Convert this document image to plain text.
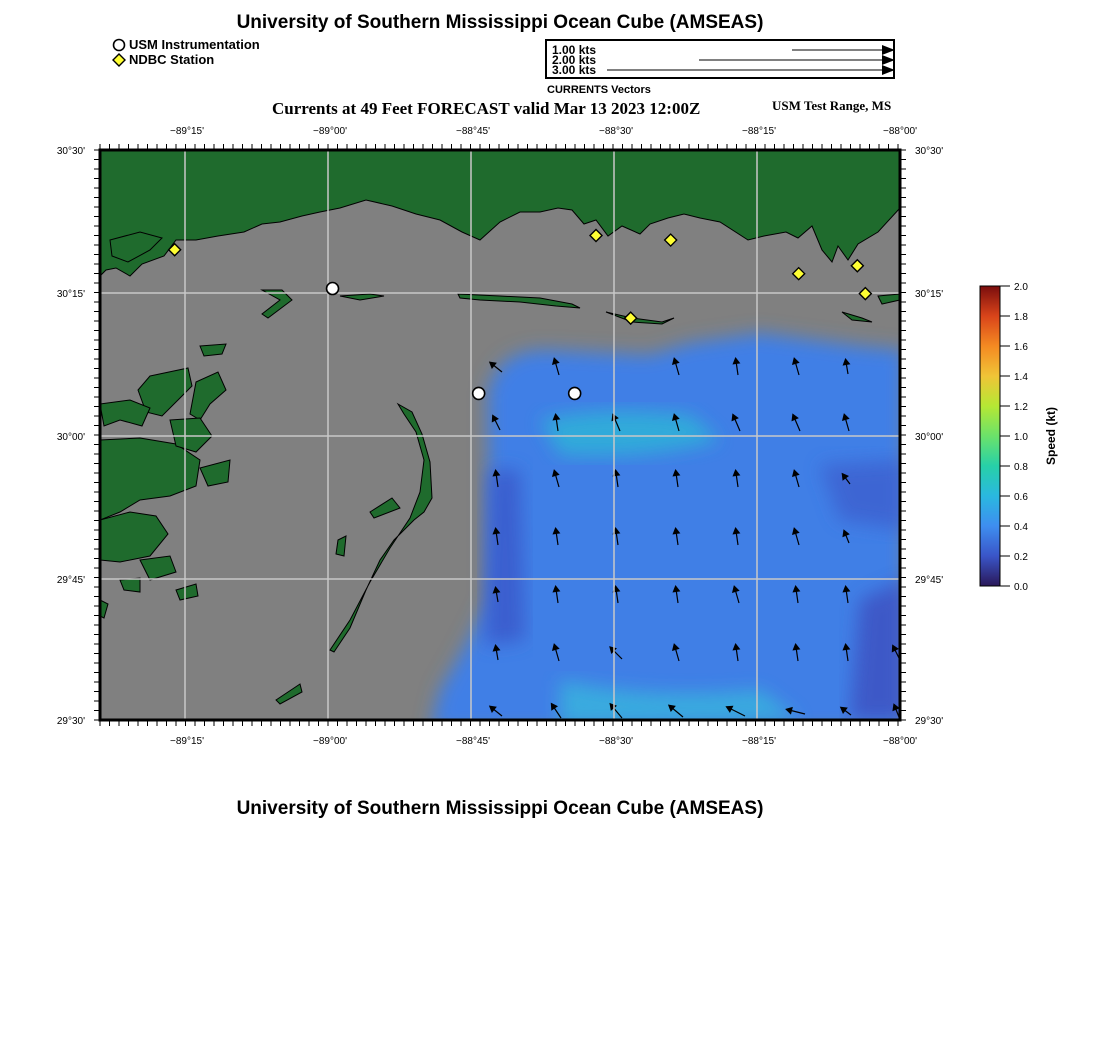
University of Southern Mississippi Ocean Cube (AMSEAS)
USM Instrumentation
NDBC Station
1.00 kts
2.00 kts
3.00 kts
CURRENTS Vectors
Currents at 49 Feet FORECAST valid Mar 13 2023 12:00Z	USM Test Range, MS
−89°15'	−89°00'	−88°45'	−88°30'	−88°15'	−88°00'
−89°15'	−89°00'	−88°45'	−88°30'	−88°15'	−88°00'
30°30'
30°15'
30°00'
29°45'
29°30'
30°30'
30°15'
30°00'
29°45'
29°30'
2.0
1.8
1.6
1.4
1.2
1.0
0.8
0.6
0.4
0.2
0.0
Speed (kt)
University of Southern Mississippi Ocean Cube (AMSEAS)
